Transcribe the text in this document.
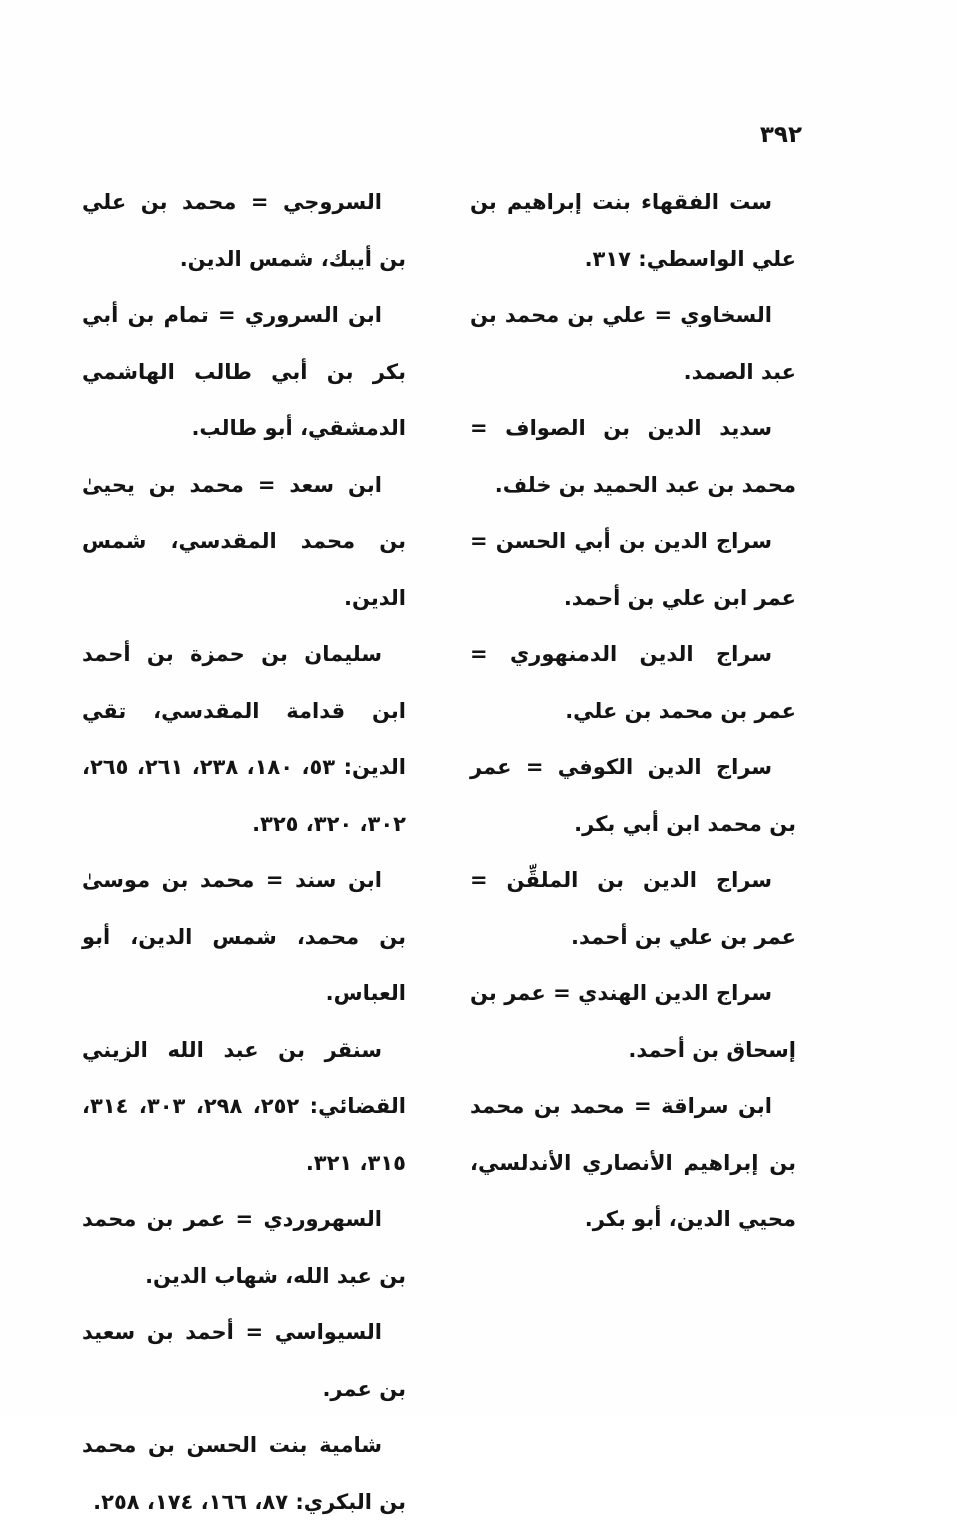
٣٩٢

ست الفقهاء بنت إبراهيم بن علي الواسطي: ٣١٧.

السخاوي = علي بن محمد بن عبد الصمد.

سديد الدين بن الصواف = محمد بن عبد الحميد بن خلف.

سراج الدين بن أبي الحسن = عمر ابن علي بن أحمد.

سراج الدين الدمنهوري = عمر بن محمد بن علي.

سراج الدين الكوفي = عمر بن محمد ابن أبي بكر.

سراج الدين بن الملقِّن = عمر بن علي بن أحمد.

سراج الدين الهندي = عمر بن إسحاق بن أحمد.

ابن سراقة = محمد بن محمد بن إبراهيم الأنصاري الأندلسي، محيي الدين، أبو بكر.

السروجي = محمد بن علي بن أيبك، شمس الدين.

ابن السروري = تمام بن أبي بكر بن أبي طالب الهاشمي الدمشقي، أبو طالب.

ابن سعد = محمد بن يحيىٰ بن محمد المقدسي، شمس الدين.

سليمان بن حمزة بن أحمد ابن قدامة المقدسي، تقي الدين: ٥٣، ١٨٠، ٢٣٨، ٢٦١، ٢٦٥، ٣٠٢، ٣٢٠، ٣٢٥.

ابن سند = محمد بن موسىٰ بن محمد، شمس الدين، أبو العباس.

سنقر بن عبد الله الزيني القضائي: ٢٥٢، ٢٩٨، ٣٠٣، ٣١٤، ٣١٥، ٣٢١.

السهروردي = عمر بن محمد بن عبد الله، شهاب الدين.

السيواسي = أحمد بن سعيد بن عمر.

شامية بنت الحسن بن محمد بن البكري: ٨٧، ١٦٦، ١٧٤، ٢٥٨.
